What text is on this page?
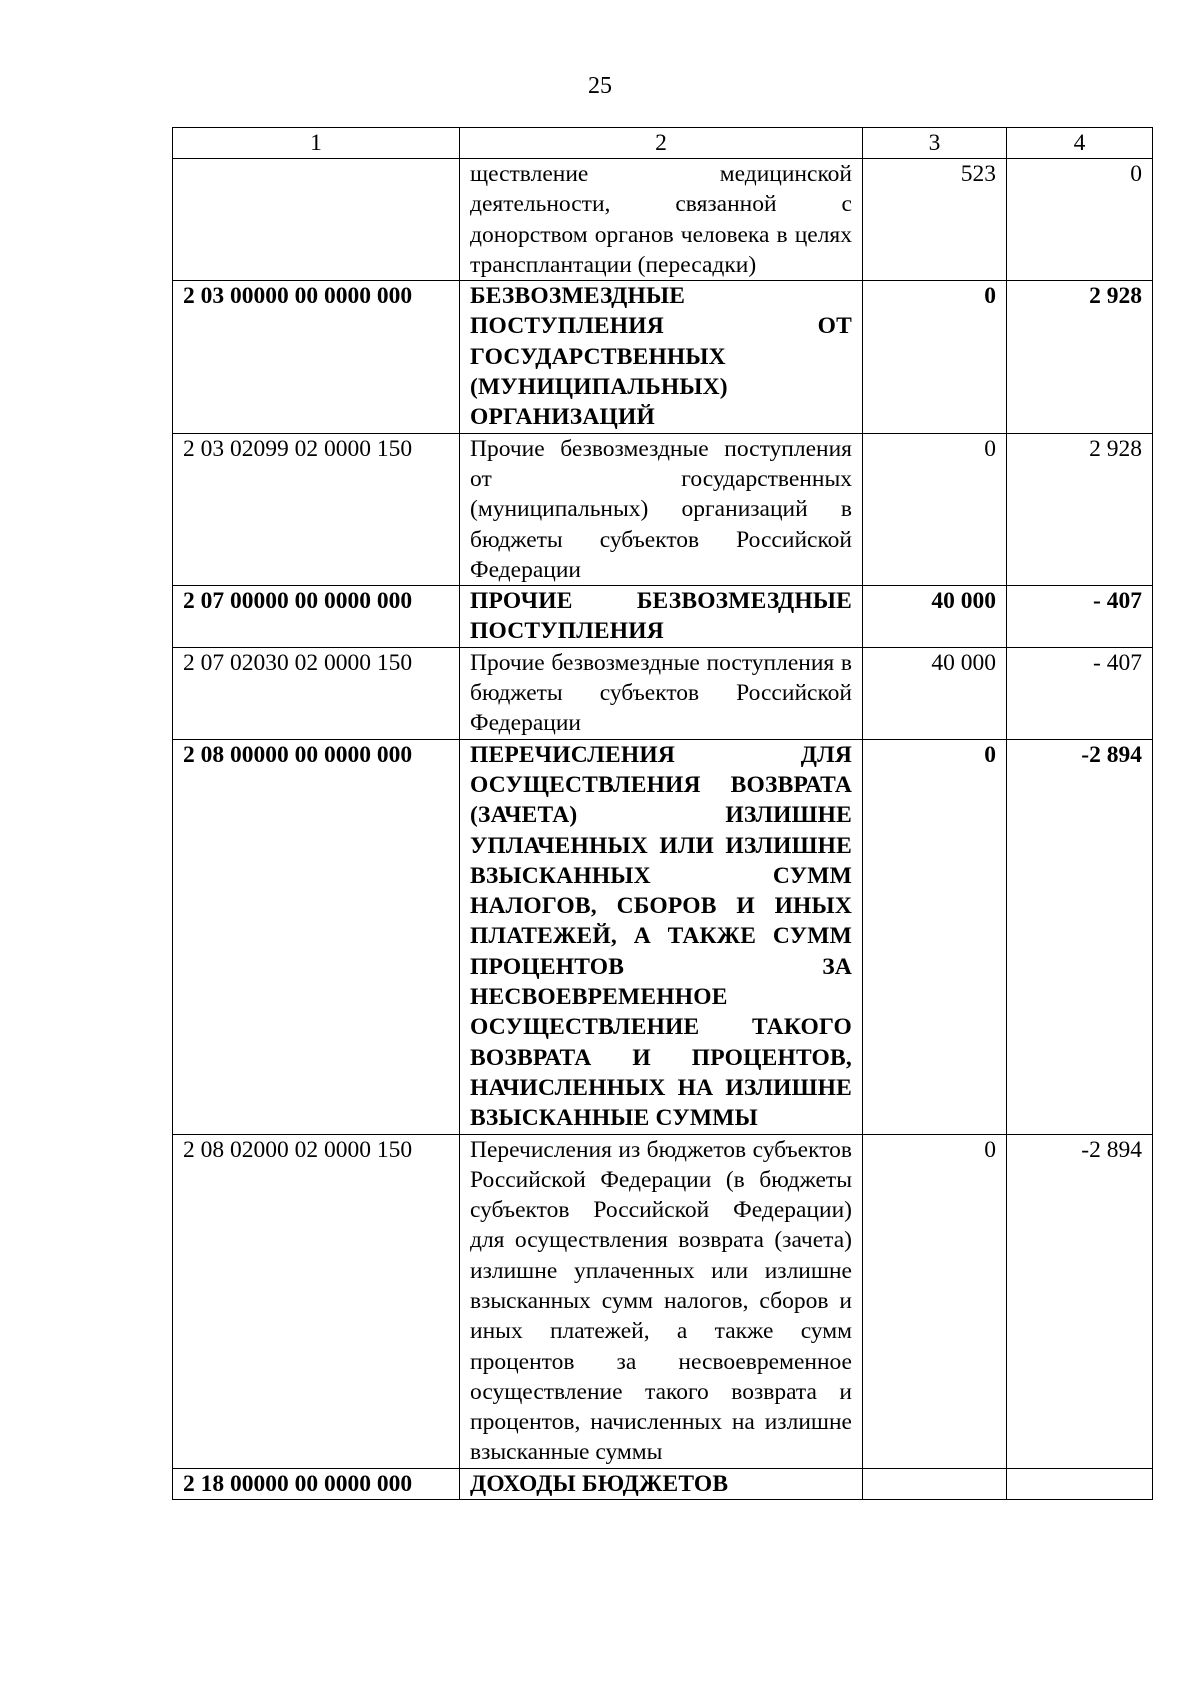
25
1	2	3	4
	ществление медицинской деятельности, связанной с донорством органов человека в целях трансплантации (пересадки)	523	0
2 03 00000 00 0000 000	БЕЗВОЗМЕЗДНЫЕ ПОСТУПЛЕНИЯ ОТ ГОСУДАРСТВЕННЫХ (МУНИЦИПАЛЬНЫХ) ОРГАНИЗАЦИЙ	0	2 928
2 03 02099 02 0000 150	Прочие безвозмездные поступления от государственных (муниципальных) организаций в бюджеты субъектов Российской Федерации	0	2 928
2 07 00000 00 0000 000	ПРОЧИЕ БЕЗВОЗМЕЗДНЫЕ ПОСТУПЛЕНИЯ	40 000	- 407
2 07 02030 02 0000 150	Прочие безвозмездные поступления в бюджеты субъектов Российской Федерации	40 000	- 407
2 08 00000 00 0000 000	ПЕРЕЧИСЛЕНИЯ ДЛЯ ОСУЩЕСТВЛЕНИЯ ВОЗВРАТА (ЗАЧЕТА) ИЗЛИШНЕ УПЛАЧЕННЫХ ИЛИ ИЗЛИШНЕ ВЗЫСКАННЫХ СУММ НАЛОГОВ, СБОРОВ И ИНЫХ ПЛАТЕЖЕЙ, А ТАКЖЕ СУММ ПРОЦЕНТОВ ЗА НЕСВОЕВРЕМЕННОЕ ОСУЩЕСТВЛЕНИЕ ТАКОГО ВОЗВРАТА И ПРОЦЕНТОВ, НАЧИСЛЕННЫХ НА ИЗЛИШНЕ ВЗЫСКАННЫЕ СУММЫ	0	-2 894
2 08 02000 02 0000 150	Перечисления из бюджетов субъектов Российской Федерации (в бюджеты субъектов Российской Федерации) для осуществления возврата (зачета) излишне уплаченных или излишне взысканных сумм налогов, сборов и иных платежей, а также сумм процентов за несвоевременное осуществление такого возврата и процентов, начисленных на излишне взысканные суммы	0	-2 894
2 18 00000 00 0000 000	ДОХОДЫ БЮДЖЕТОВ		
